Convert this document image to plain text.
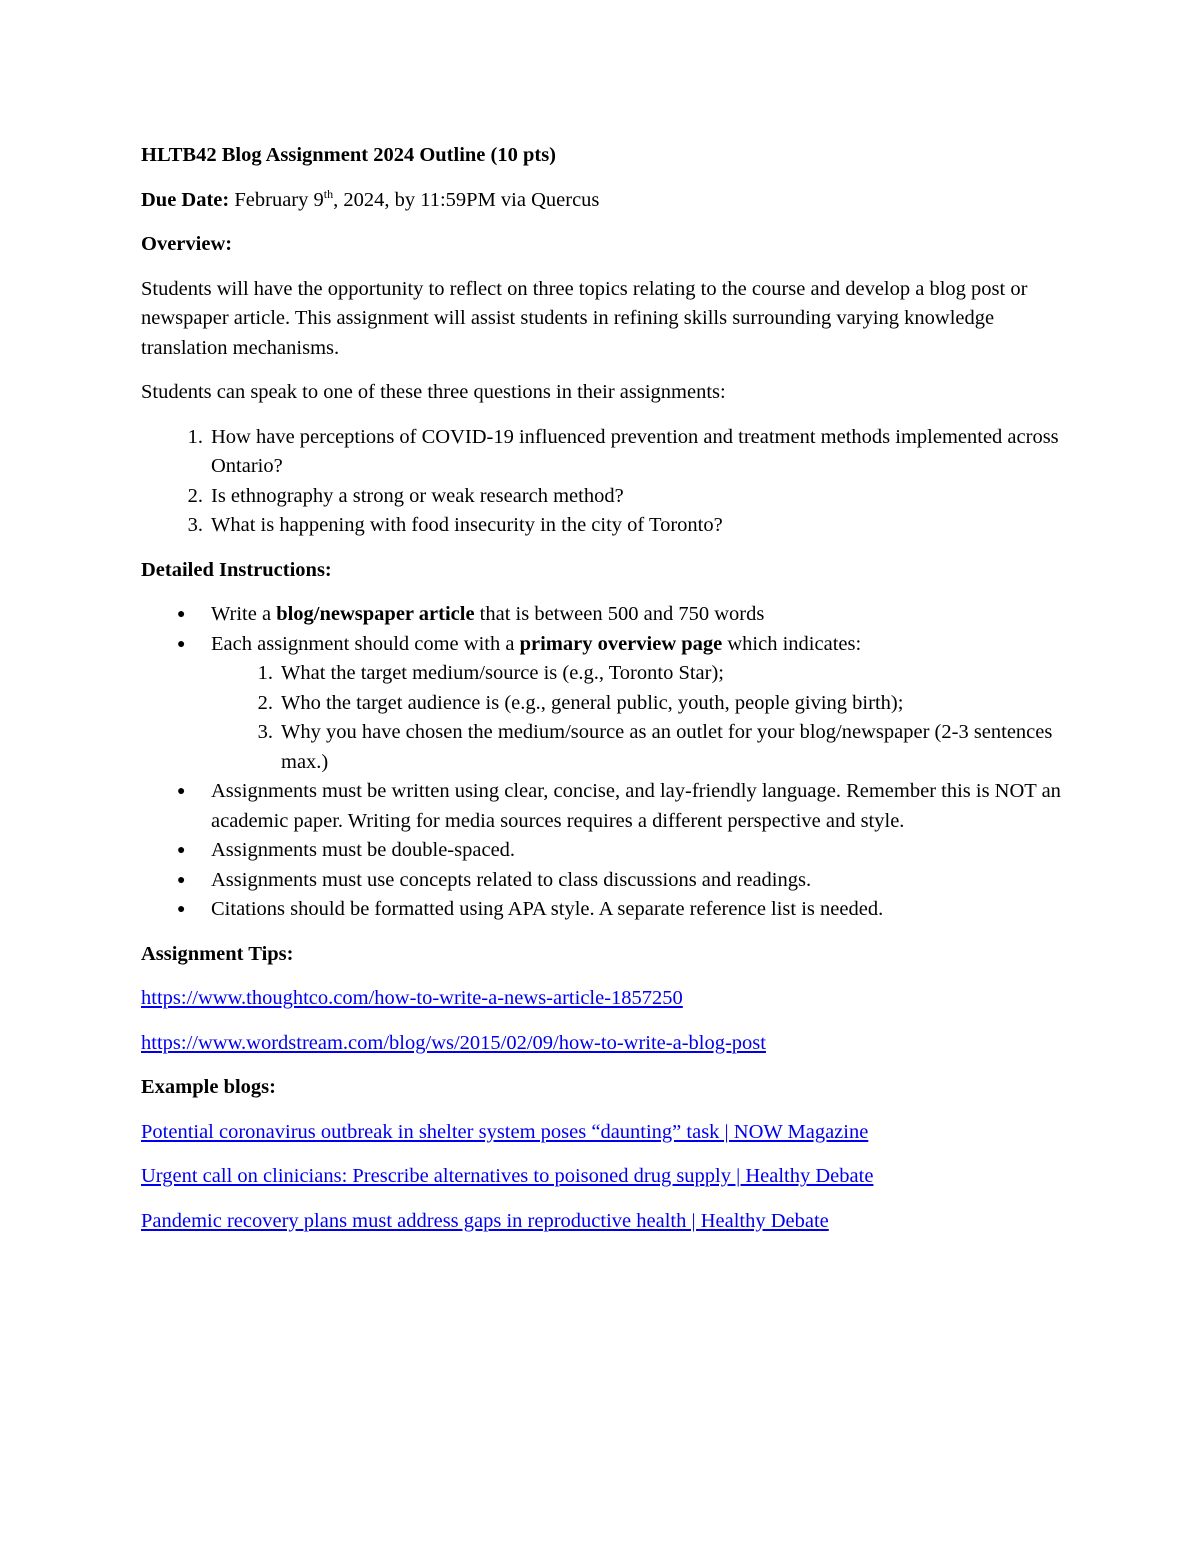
HLTB42 Blog Assignment 2024 Outline (10 pts)

Due Date: February 9th, 2024, by 11:59PM via Quercus

Overview:

Students will have the opportunity to reflect on three topics relating to the course and develop a blog post or newspaper article. This assignment will assist students in refining skills surrounding varying knowledge translation mechanisms.

Students can speak to one of these three questions in their assignments:

1. How have perceptions of COVID-19 influenced prevention and treatment methods implemented across Ontario?
2. Is ethnography a strong or weak research method?
3. What is happening with food insecurity in the city of Toronto?

Detailed Instructions:

●	Write a blog/newspaper article that is between 500 and 750 words
●	Each assignment should come with a primary overview page which indicates:
1. What the target medium/source is (e.g., Toronto Star);
2. Who the target audience is (e.g., general public, youth, people giving birth);
3. Why you have chosen the medium/source as an outlet for your blog/newspaper (2-3 sentences max.)
●	Assignments must be written using clear, concise, and lay-friendly language. Remember this is NOT an academic paper. Writing for media sources requires a different perspective and style.
●	Assignments must be double-spaced.
●	Assignments must use concepts related to class discussions and readings.
●	Citations should be formatted using APA style. A separate reference list is needed.

Assignment Tips:

https://www.thoughtco.com/how-to-write-a-news-article-1857250

https://www.wordstream.com/blog/ws/2015/02/09/how-to-write-a-blog-post

Example blogs:

Potential coronavirus outbreak in shelter system poses “daunting” task | NOW Magazine

Urgent call on clinicians: Prescribe alternatives to poisoned drug supply | Healthy Debate

Pandemic recovery plans must address gaps in reproductive health | Healthy Debate
